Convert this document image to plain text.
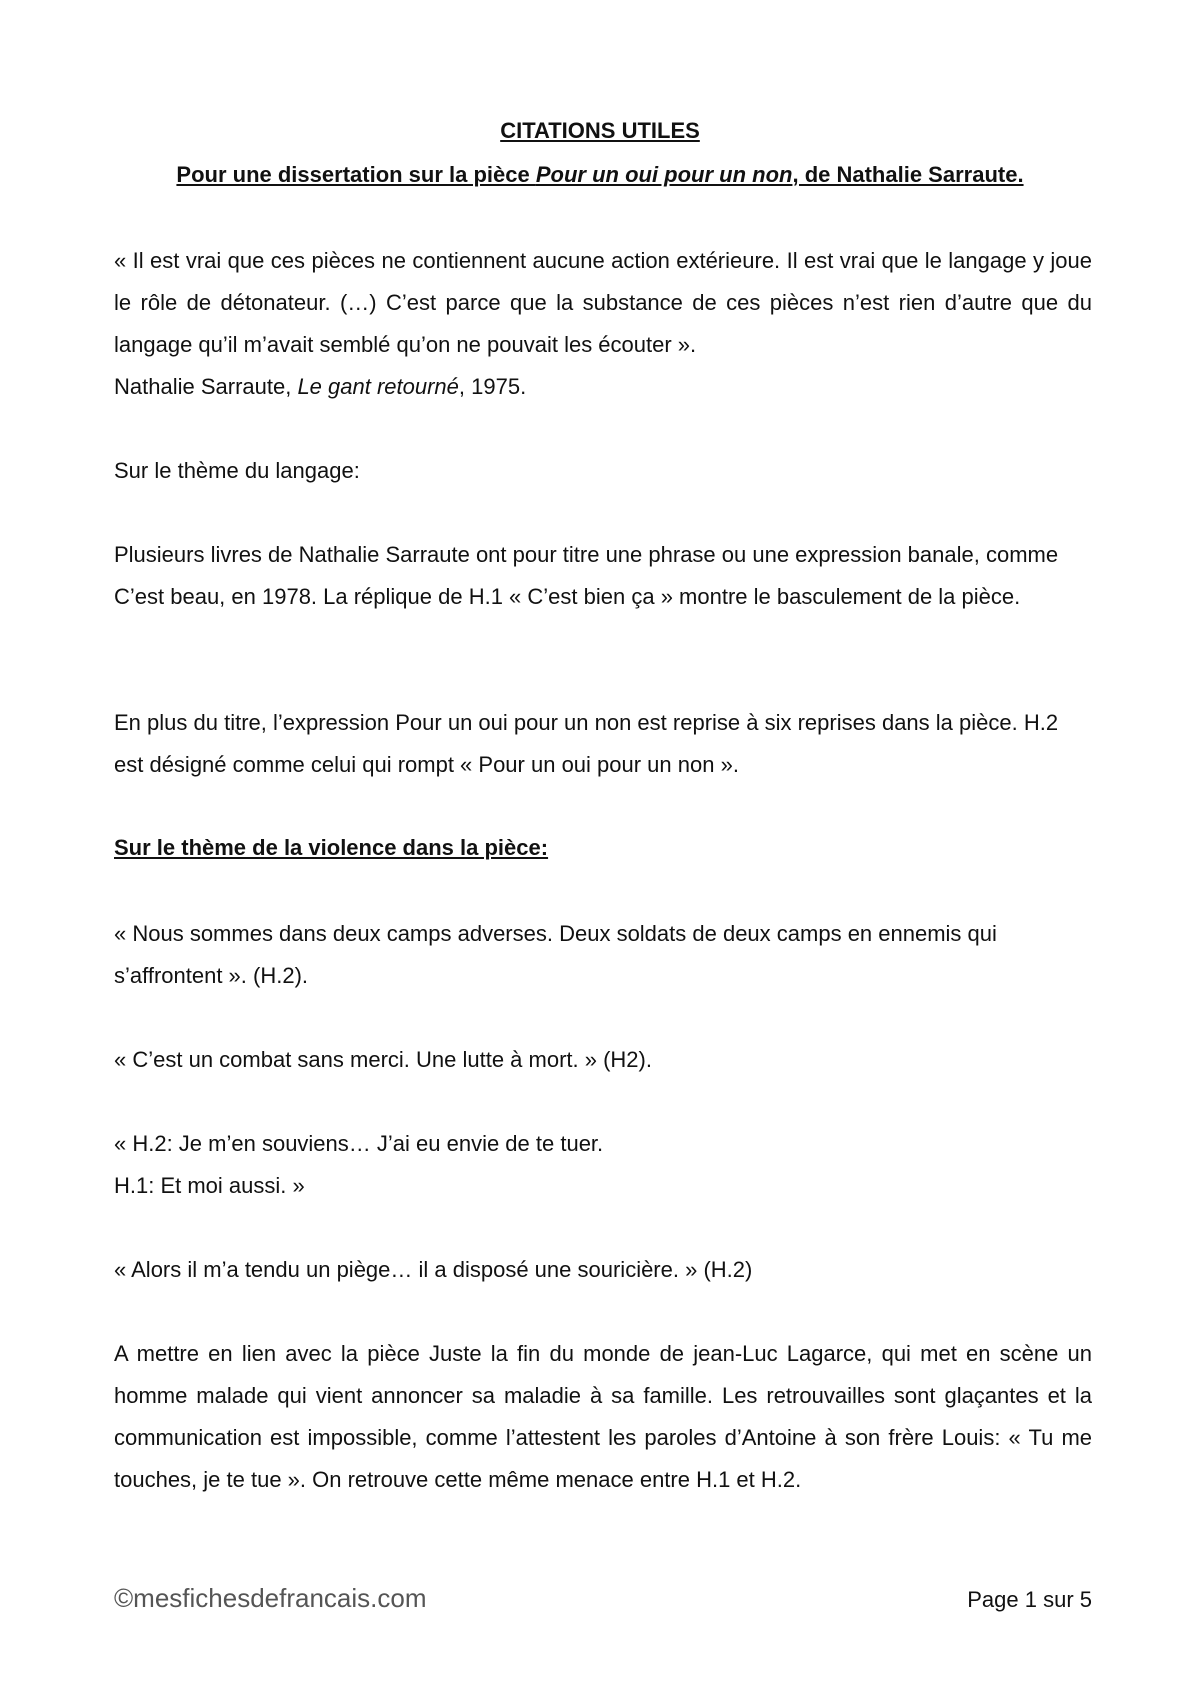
CITATIONS UTILES

Pour une dissertation sur la pièce Pour un oui pour un non, de Nathalie Sarraute.

« Il est vrai que ces pièces ne contiennent aucune action extérieure. Il est vrai que le langage y joue le rôle de détonateur. (…) C’est parce que la substance de ces pièces n’est rien d’autre que du langage qu’il m’avait semblé qu’on ne pouvait les écouter ».

Nathalie Sarraute, Le gant retourné, 1975.

Sur le thème du langage:

Plusieurs livres de Nathalie Sarraute ont pour titre une phrase ou une expression banale, comme C’est beau, en 1978. La réplique de H.1 « C’est bien ça » montre le basculement de la pièce.

En plus du titre, l’expression Pour un oui pour un non est reprise à six reprises dans la pièce. H.2 est désigné comme celui qui rompt « Pour un oui pour un non ».

Sur le thème de la violence dans la pièce:

« Nous sommes dans deux camps adverses. Deux soldats de deux camps en ennemis qui s’affrontent ». (H.2).

« C’est un combat sans merci. Une lutte à mort. » (H2).

« H.2: Je m’en souviens… J’ai eu envie de te tuer.

H.1: Et moi aussi. »

« Alors il m’a tendu un piège… il a disposé une souricière. » (H.2)

A mettre en lien avec la pièce Juste la fin du monde de jean-Luc Lagarce, qui met en scène un homme malade qui vient annoncer sa maladie à sa famille. Les retrouvailles sont glaçantes et la communication est impossible, comme l’attestent les paroles d’Antoine à son frère Louis: « Tu me touches, je te tue ». On retrouve cette même menace entre H.1 et H.2.

©mesfichesdefrancais.com	Page 1 sur 5
